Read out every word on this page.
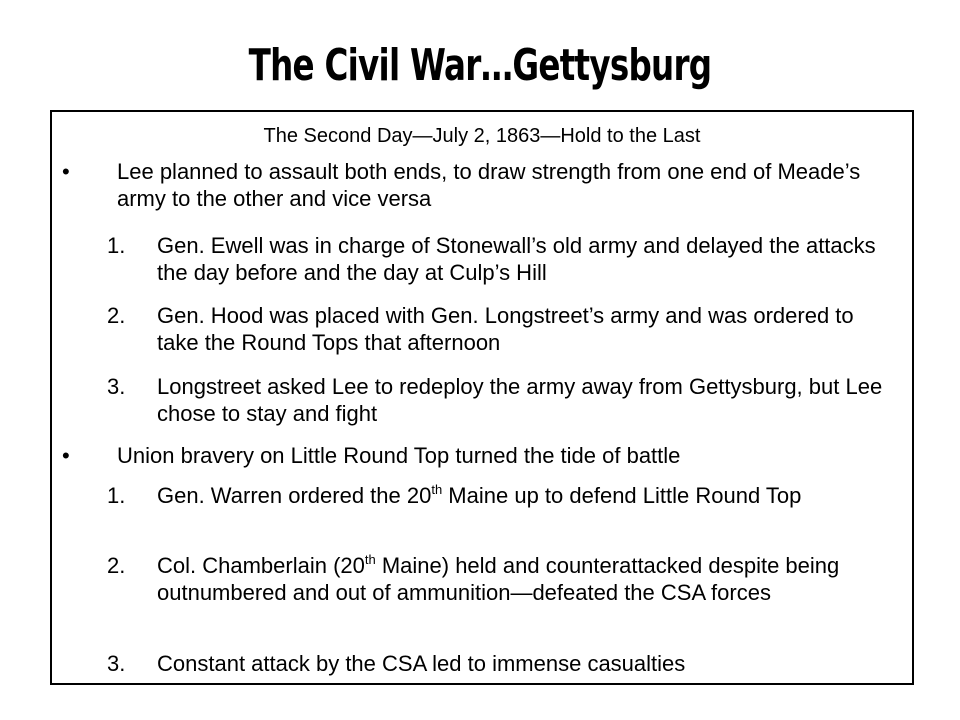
The Civil War…Gettysburg
The Second Day—July 2, 1863—Hold to the Last
•	Lee planned to assault both ends, to draw strength from one end of Meade’s army to the other and vice versa
1.	Gen. Ewell was in charge of Stonewall’s old army and delayed the attacks the day before and the day at Culp’s Hill
2.	Gen. Hood was placed with Gen. Longstreet’s army and was ordered to take the Round Tops that afternoon
3.	Longstreet asked Lee to redeploy the army away from Gettysburg, but Lee chose to stay and fight
•	Union bravery on Little Round Top turned the tide of battle
1.	Gen. Warren ordered the 20th Maine up to defend Little Round Top
2.	Col. Chamberlain (20th Maine) held and counterattacked despite being outnumbered and out of ammunition—defeated the CSA forces
3.	Constant attack by the CSA led to immense casualties
